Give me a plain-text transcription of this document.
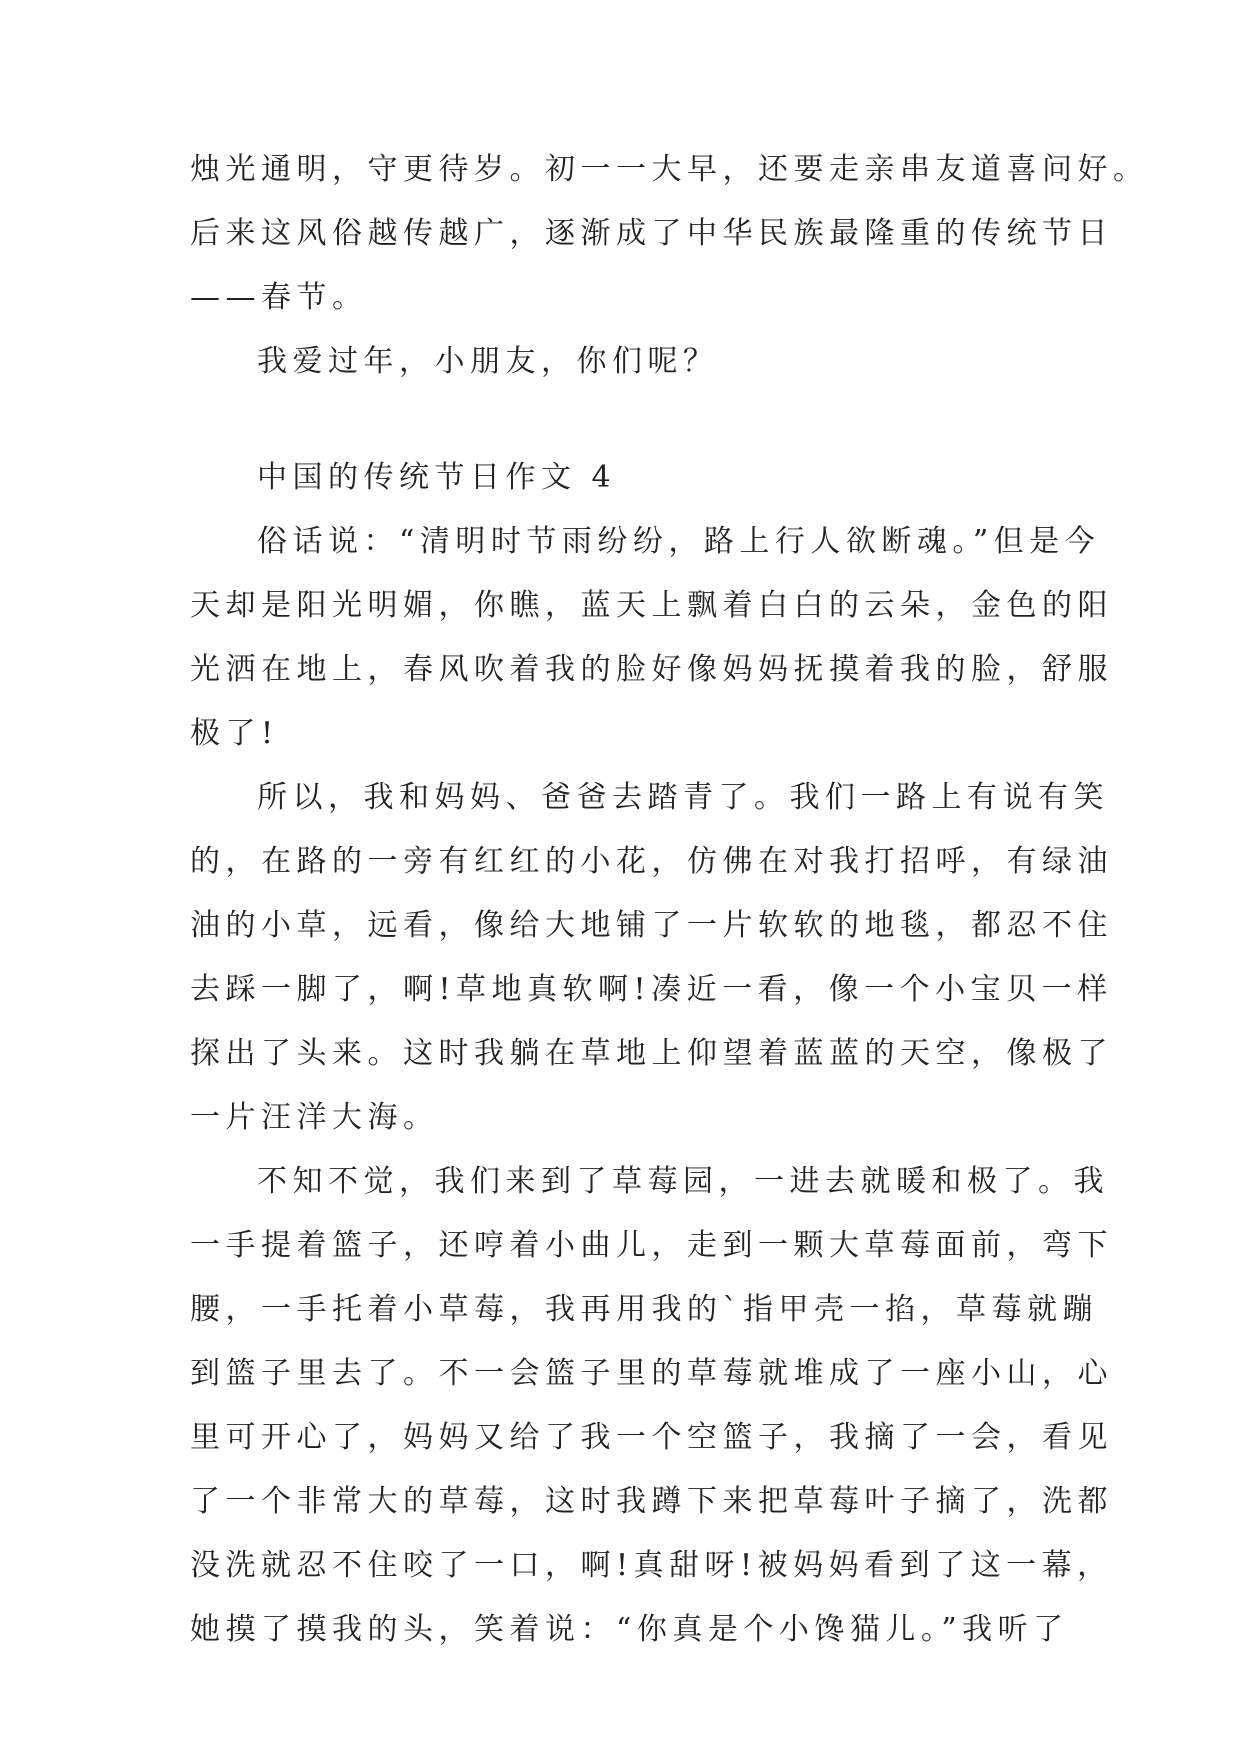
烛光通明，守更待岁。初一一大早，还要走亲串友道喜问好。
后来这风俗越传越广，逐渐成了中华民族最隆重的传统节日
——春节。
我爱过年，小朋友，你们呢？
中国的传统节日作文 4
俗话说：“清明时节雨纷纷，路上行人欲断魂。”但是今
天却是阳光明媚，你瞧，蓝天上飘着白白的云朵，金色的阳
光洒在地上，春风吹着我的脸好像妈妈抚摸着我的脸，舒服
极了!
所以，我和妈妈、爸爸去踏青了。我们一路上有说有笑
的，在路的一旁有红红的小花，仿佛在对我打招呼，有绿油
油的小草，远看，像给大地铺了一片软软的地毯，都忍不住
去踩一脚了，啊!草地真软啊!凑近一看，像一个小宝贝一样
探出了头来。这时我躺在草地上仰望着蓝蓝的天空，像极了
一片汪洋大海。
不知不觉，我们来到了草莓园，一进去就暖和极了。我
一手提着篮子，还哼着小曲儿，走到一颗大草莓面前，弯下
腰，一手托着小草莓，我再用我的`指甲壳一掐，草莓就蹦
到篮子里去了。不一会篮子里的草莓就堆成了一座小山，心
里可开心了，妈妈又给了我一个空篮子，我摘了一会，看见
了一个非常大的草莓，这时我蹲下来把草莓叶子摘了，洗都
没洗就忍不住咬了一口，啊!真甜呀!被妈妈看到了这一幕，
她摸了摸我的头，笑着说：“你真是个小馋猫儿。”我听了
